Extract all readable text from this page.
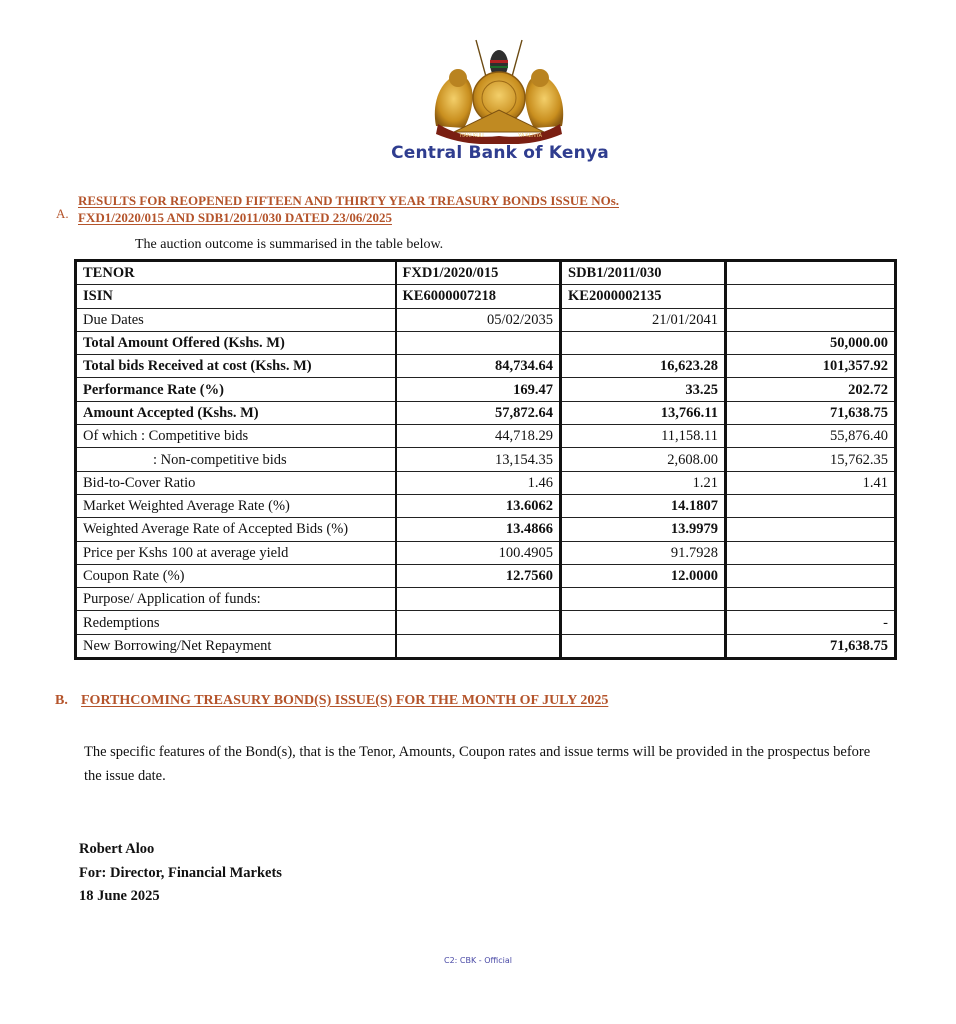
HAKI KUU	YA KENYA
Central Bank of Kenya
A.
RESULTS FOR REOPENED FIFTEEN AND THIRTY YEAR TREASURY BONDS ISSUE NOs.
FXD1/2020/015 AND SDB1/2011/030 DATED 23/06/2025
The auction outcome is summarised in the table below.
TENOR	FXD1/2020/015	SDB1/2011/030	
ISIN	KE6000007218	KE2000002135	
Due Dates	05/02/2035	21/01/2041	
Total Amount Offered (Kshs. M)			50,000.00
Total bids Received at cost (Kshs. M)	84,734.64	16,623.28	101,357.92
Performance Rate (%)	169.47	33.25	202.72
Amount Accepted (Kshs. M)	57,872.64	13,766.11	71,638.75
Of which : Competitive bids	44,718.29	11,158.11	55,876.40
: Non-competitive bids	13,154.35	2,608.00	15,762.35
Bid-to-Cover Ratio	1.46	1.21	1.41
Market Weighted Average Rate (%)	13.6062	14.1807	
Weighted Average Rate of Accepted Bids (%)	13.4866	13.9979	
Price per Kshs 100 at average yield	100.4905	91.7928	
Coupon Rate (%)	12.7560	12.0000	
Purpose/ Application of funds:			
Redemptions			-
New Borrowing/Net Repayment			71,638.75
B. FORTHCOMING TREASURY BOND(S) ISSUE(S) FOR THE MONTH OF JULY 2025
The specific features of the Bond(s), that is the Tenor, Amounts, Coupon rates and issue terms will be provided in the prospectus before the issue date.
Robert Aloo
For: Director, Financial Markets
18 June 2025
C2: CBK - Official
